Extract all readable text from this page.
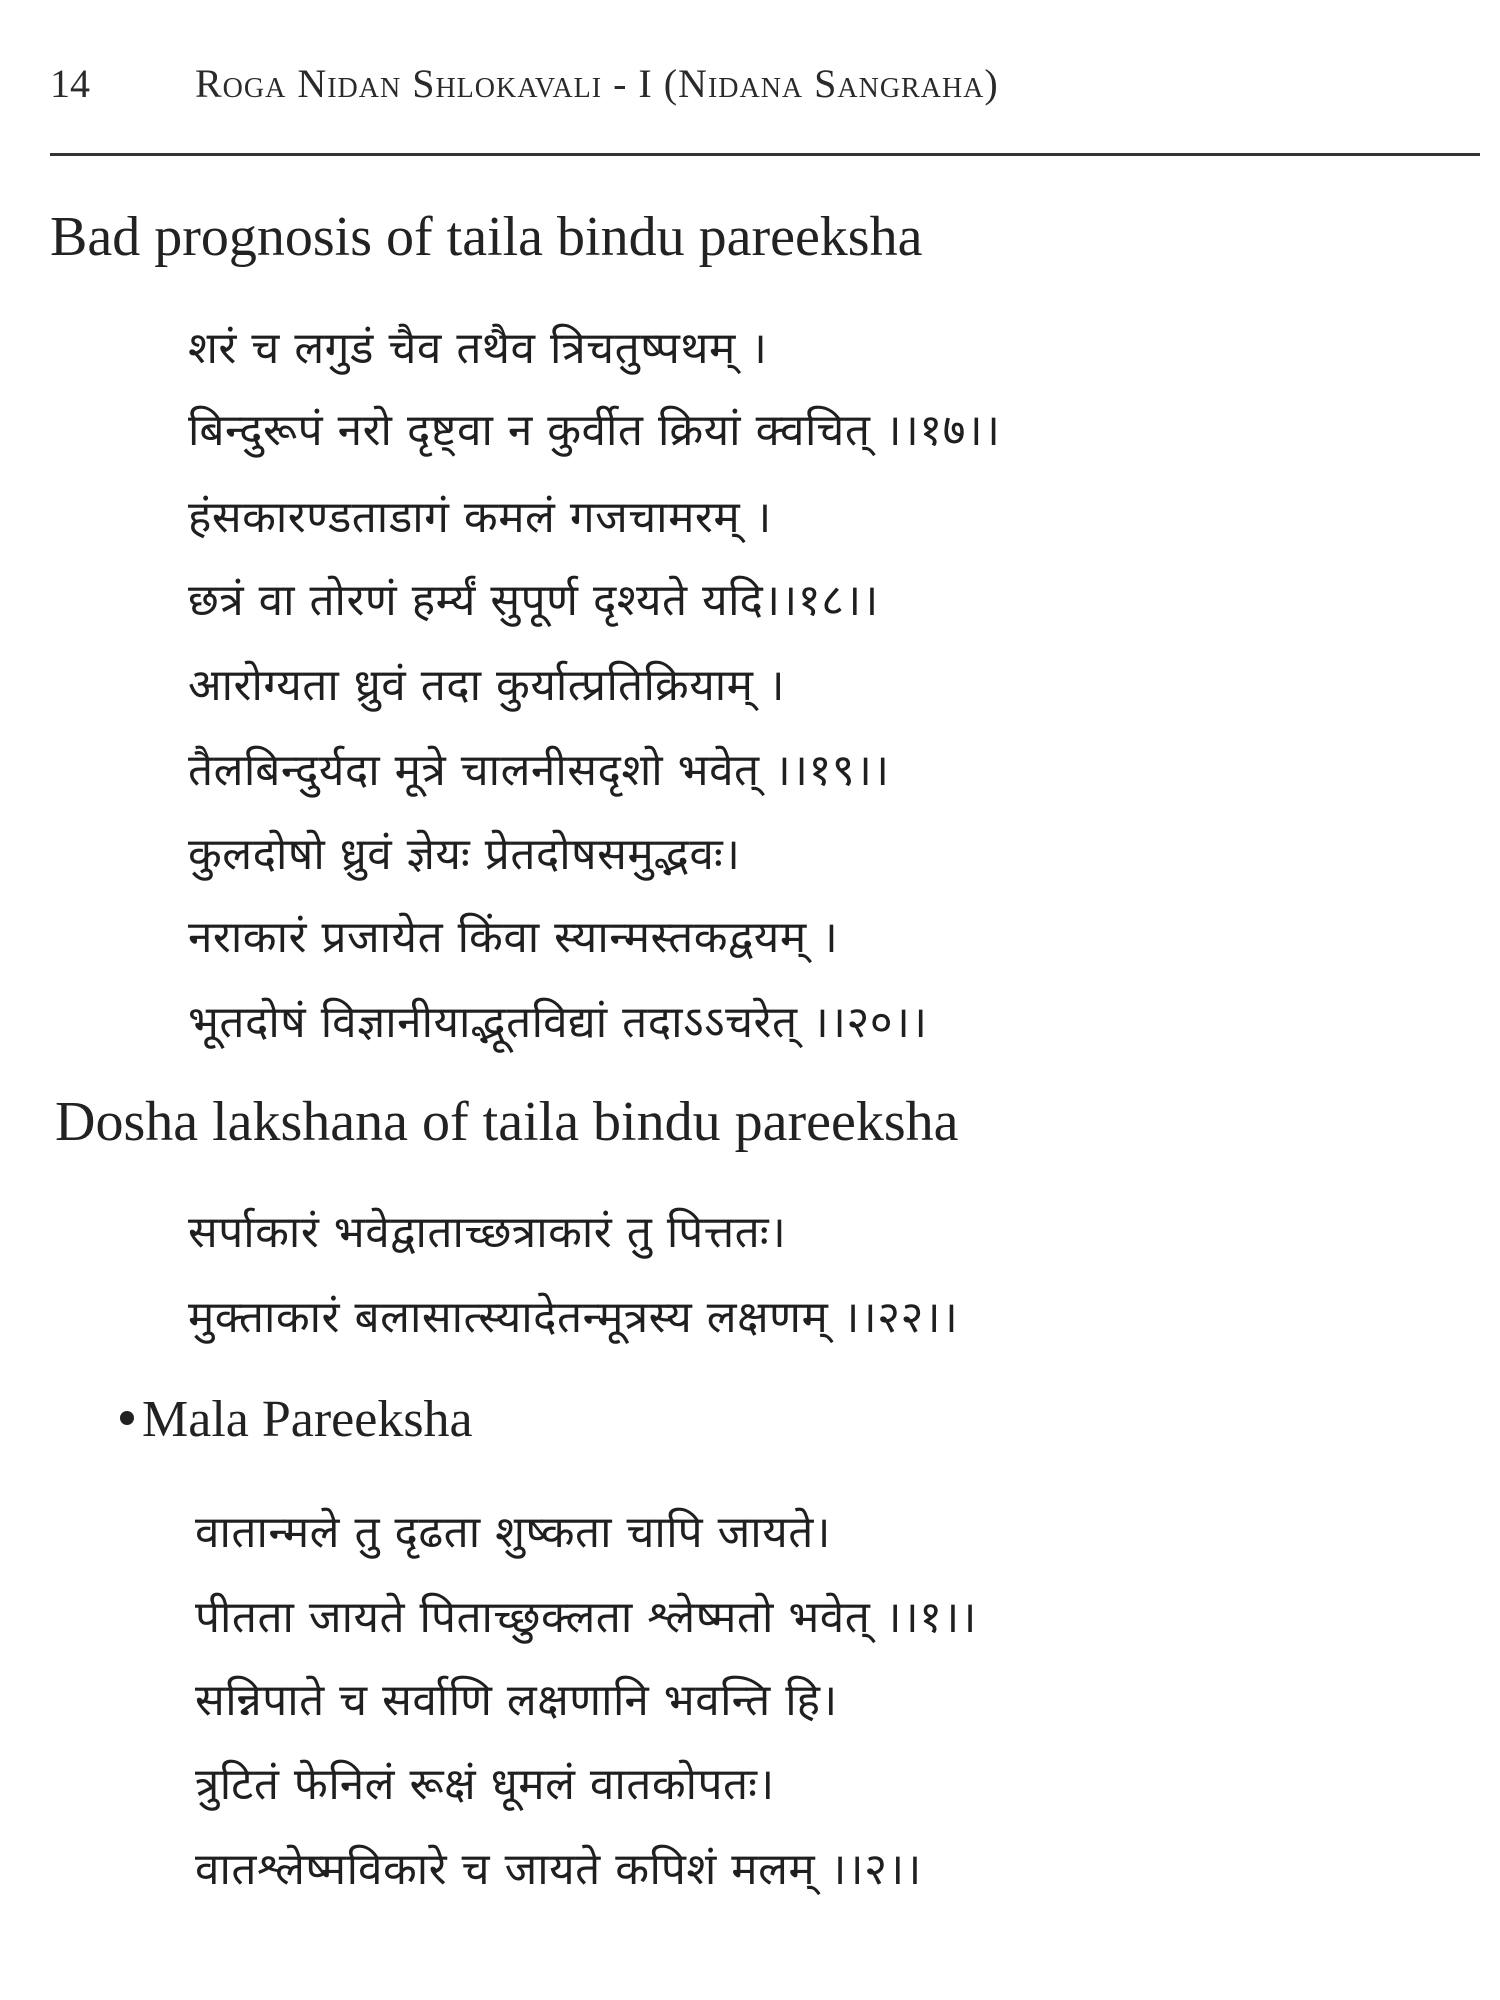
14	Roga Nidan Shlokavali - I (Nidana Sangraha)
Bad prognosis of taila bindu pareeksha
शरं च लगुडं चैव तथैव त्रिचतुष्पथम् ।
बिन्दुरूपं नरो दृष्ट्वा न कुर्वीत क्रियां क्वचित् ।।१७।।
हंसकारण्डताडागं कमलं गजचामरम् ।
छत्रं वा तोरणं हर्म्यं सुपूर्ण दृश्यते यदि।।१८।।
आरोग्यता ध्रुवं तदा कुर्यात्प्रतिक्रियाम् ।
तैलबिन्दुर्यदा मूत्रे चालनीसदृशो भवेत् ।।१९।।
कुलदोषो ध्रुवं ज्ञेयः प्रेतदोषसमुद्भवः।
नराकारं प्रजायेत किंवा स्यान्मस्तकद्वयम् ।
भूतदोषं विज्ञानीयाद्भूतविद्यां तदाऽऽचरेत् ।।२०।।
Dosha lakshana of taila bindu pareeksha
सर्पाकारं भवेद्वाताच्छत्राकारं तु पित्ततः।
मुक्ताकारं बलासात्स्यादेतन्मूत्रस्य लक्षणम् ।।२२।।
Mala Pareeksha
वातान्मले तु दृढता शुष्कता चापि जायते।
पीतता जायते पिताच्छुक्लता श्लेष्मतो भवेत् ।।१।।
सन्निपाते च सर्वाणि लक्षणानि भवन्ति हि।
त्रुटितं फेनिलं रूक्षं धूमलं वातकोपतः।
वातश्लेष्मविकारे च जायते कपिशं मलम् ।।२।।
